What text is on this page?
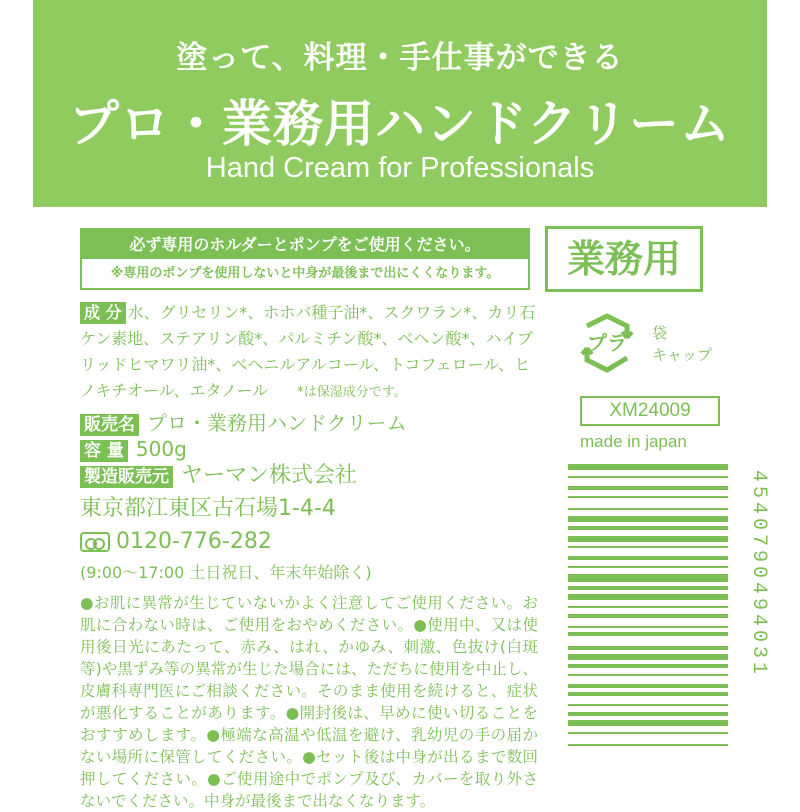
塗って、料理・手仕事ができる
プロ・業務用ハンドクリーム
Hand Cream for Professionals
必ず専用のホルダーとポンプをご使用ください。
※専用のポンプを使用しないと中身が最後まで出にくくなります。	業務用
成 分 水、グリセリン*、ホホバ種子油*、スクワラン*、カリ石ケン素地、ステアリン酸*、パルミチン酸*、ベヘン酸*、ハイブリッドヒマワリ油*、ベヘニルアルコール、トコフェロール、ヒノキチオール、エタノール *は保湿成分です。
販売名 プロ・業務用ハンドクリーム
容 量 500g
製造販売元 ヤーマン株式会社
東京都江東区古石場1-4-4
0120-776-282
(9:00～17:00 土日祝日、年末年始除く)
●お肌に異常が生じていないかよく注意してご使用ください。お肌に合わない時は、ご使用をおやめください。●使用中、又は使用後日光にあたって、赤み、はれ、かゆみ、刺激、色抜け(白斑等)や黒ずみ等の異常が生じた場合には、ただちに使用を中止し、皮膚科専門医にご相談ください。そのまま使用を続けると、症状が悪化することがあります。●開封後は、早めに使い切ることをおすすめします。●極端な高温や低温を避け、乳幼児の手の届かない場所に保管してください。●セット後は中身が出るまで数回押してください。●ご使用途中でポンプ及び、カバーを取り外さないでください。中身が最後まで出なくなります。
プラ 袋
キャップ
XM24009
made in japan
4540790494031
